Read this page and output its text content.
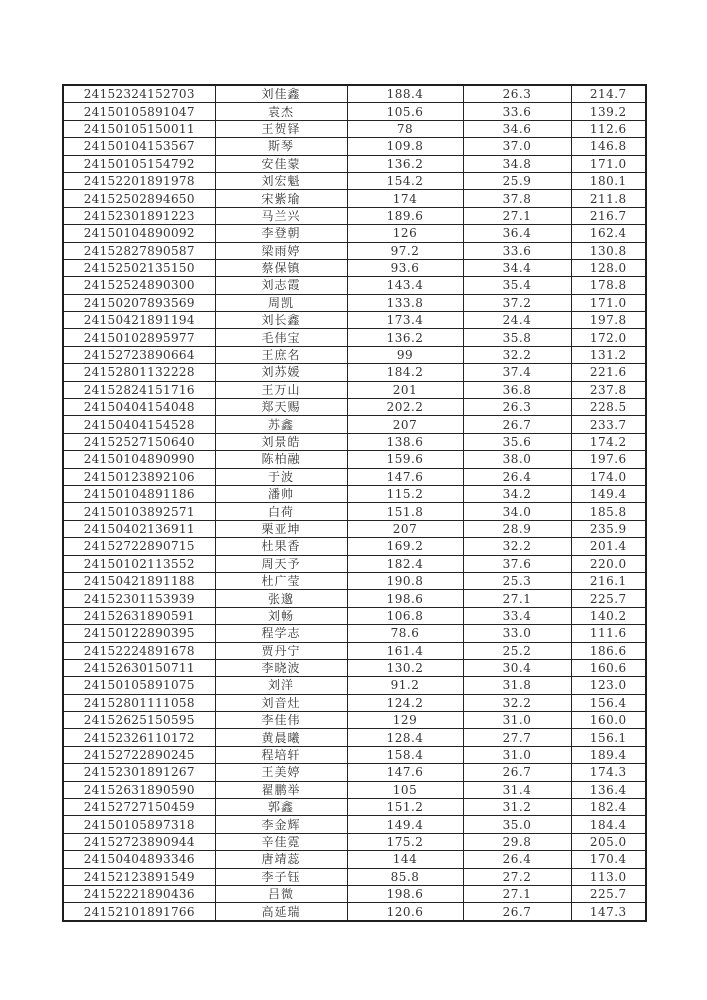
24152324152703	刘佳鑫	188.4	26.3	214.7
24150105891047	袁杰	105.6	33.6	139.2
24150105150011	王贺铎	78	34.6	112.6
24150104153567	斯琴	109.8	37.0	146.8
24150105154792	安佳蒙	136.2	34.8	171.0
24152201891978	刘宏魁	154.2	25.9	180.1
24152502894650	宋紫瑜	174	37.8	211.8
24152301891223	马兰兴	189.6	27.1	216.7
24150104890092	李登朝	126	36.4	162.4
24152827890587	梁雨婷	97.2	33.6	130.8
24152502135150	蔡保镇	93.6	34.4	128.0
24152524890300	刘志霞	143.4	35.4	178.8
24150207893569	周凯	133.8	37.2	171.0
24150421891194	刘长鑫	173.4	24.4	197.8
24150102895977	毛伟宝	136.2	35.8	172.0
24152723890664	王庶名	99	32.2	131.2
24152801132228	刘苏媛	184.2	37.4	221.6
24152824151716	王万山	201	36.8	237.8
24150404154048	郑天赐	202.2	26.3	228.5
24150404154528	苏鑫	207	26.7	233.7
24152527150640	刘景皓	138.6	35.6	174.2
24150104890990	陈柏融	159.6	38.0	197.6
24150123892106	于波	147.6	26.4	174.0
24150104891186	潘帅	115.2	34.2	149.4
24150103892571	白荷	151.8	34.0	185.8
24150402136911	栗亚坤	207	28.9	235.9
24152722890715	杜果香	169.2	32.2	201.4
24150102113552	周天予	182.4	37.6	220.0
24150421891188	杜广莹	190.8	25.3	216.1
24152301153939	张邈	198.6	27.1	225.7
24152631890591	刘畅	106.8	33.4	140.2
24150122890395	程学志	78.6	33.0	111.6
24152224891678	贾丹宁	161.4	25.2	186.6
24152630150711	李晓波	130.2	30.4	160.6
24150105891075	刘洋	91.2	31.8	123.0
24152801111058	刘音灶	124.2	32.2	156.4
24152625150595	李佳伟	129	31.0	160.0
24152326110172	黄晨曦	128.4	27.7	156.1
24152722890245	程培轩	158.4	31.0	189.4
24152301891267	王美婷	147.6	26.7	174.3
24152631890590	翟鹏举	105	31.4	136.4
24152727150459	郭鑫	151.2	31.2	182.4
24150105897318	李金辉	149.4	35.0	184.4
24152723890944	辛佳霓	175.2	29.8	205.0
24150404893346	唐靖蕊	144	26.4	170.4
24152123891549	李子钰	85.8	27.2	113.0
24152221890436	吕微	198.6	27.1	225.7
24152101891766	高延瑞	120.6	26.7	147.3
